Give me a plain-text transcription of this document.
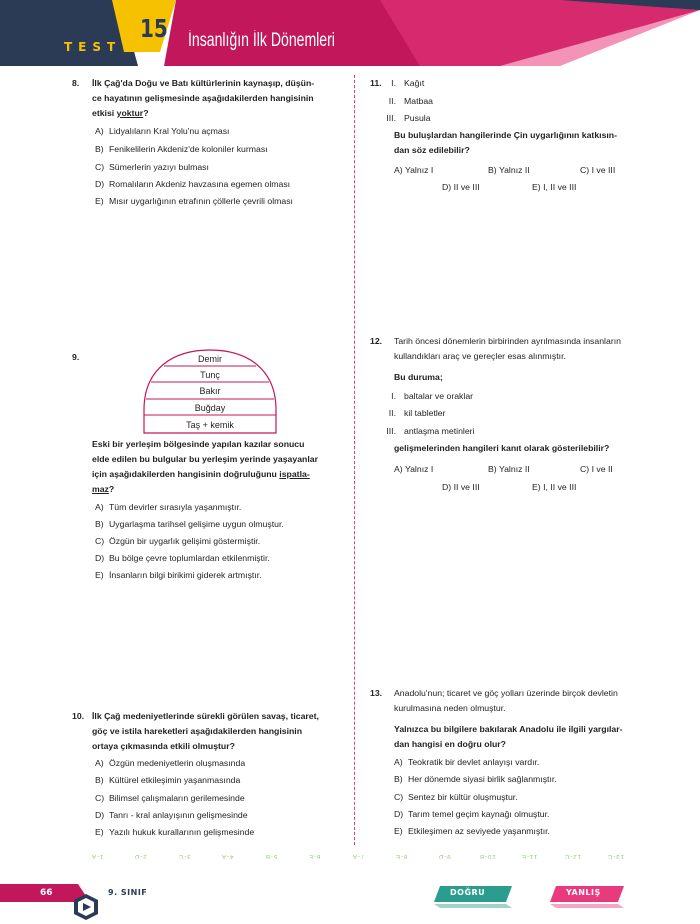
TEST
15 İnsanlığın İlk Dönemleri
8. İlk Çağ'da Doğu ve Batı kültürlerinin kaynaşıp, düşün-
ce hayatının gelişmesinde aşağıdakilerden hangisinin
etkisi yoktur?
A) Lidyalıların Kral Yolu'nu açması
B) Fenikelilerin Akdeniz'de koloniler kurması
C) Sümerlerin yazıyı bulması
D) Romalıların Akdeniz havzasına egemen olması
E) Mısır uygarlığının etrafının çöllerle çevrili olması
9.	Demir
Tunç
Bakır
Buğday
Taş + kemik
Eski bir yerleşim bölgesinde yapılan kazılar sonucu
elde edilen bu bulgular bu yerleşim yerinde yaşayanlar
için aşağıdakilerden hangisinin doğruluğunu ispatla-
maz?
A) Tüm devirler sırasıyla yaşanmıştır.
B) Uygarlaşma tarihsel gelişime uygun olmuştur.
C) Özgün bir uygarlık gelişimi göstermiştir.
D) Bu bölge çevre toplumlardan etkilenmiştir.
E) İnsanların bilgi birikimi giderek artmıştır.
10. İlk Çağ medeniyetlerinde sürekli görülen savaş, ticaret,
göç ve istila hareketleri aşağıdakilerden hangisinin
ortaya çıkmasında etkili olmuştur?
A) Özgün medeniyetlerin oluşmasında
B) Kültürel etkileşimin yaşanmasında
C) Bilimsel çalışmaların gerilemesinde
D) Tanrı - kral anlayışının gelişmesinde
E) Yazılı hukuk kurallarının gelişmesinde
11.	I. Kağıt
II. Matbaa
III. Pusula
Bu buluşlardan hangilerinde Çin uygarlığının katkısın-
dan söz edilebilir?
A) Yalnız I	B) Yalnız II	C) I ve III
D) II ve III	E) I, II ve III
12. Tarih öncesi dönemlerin birbirinden ayrılmasında insanların
kullandıkları araç ve gereçler esas alınmıştır.
Bu duruma;
I. baltalar ve oraklar
II. kil tabletler
III. antlaşma metinleri
gelişmelerinden hangileri kanıt olarak gösterilebilir?
A) Yalnız I	B) Yalnız II	C) I ve II
D) II ve III	E) I, II ve III
13. Anadolu'nun; ticaret ve göç yolları üzerinde birçok devletin
kurulmasına neden olmuştur.
Yalnızca bu bilgilere bakılarak Anadolu ile ilgili yargılar-
dan hangisi en doğru olur?
A) Teokratik bir devlet anlayışı vardır.
B) Her dönemde siyasi birlik sağlanmıştır.
C) Sentez bir kültür oluşmuştur.
D) Tarım temel geçim kaynağı olmuştur.
E) Etkileşimen az seviyede yaşanmıştır.
1-A	2-D	3-C	4-A	5-B	6-E	7-A	8-E	9-D	10-B	11-E	12-C	13-C
66	9. SINIF	DOĞRU	YANLIŞ
